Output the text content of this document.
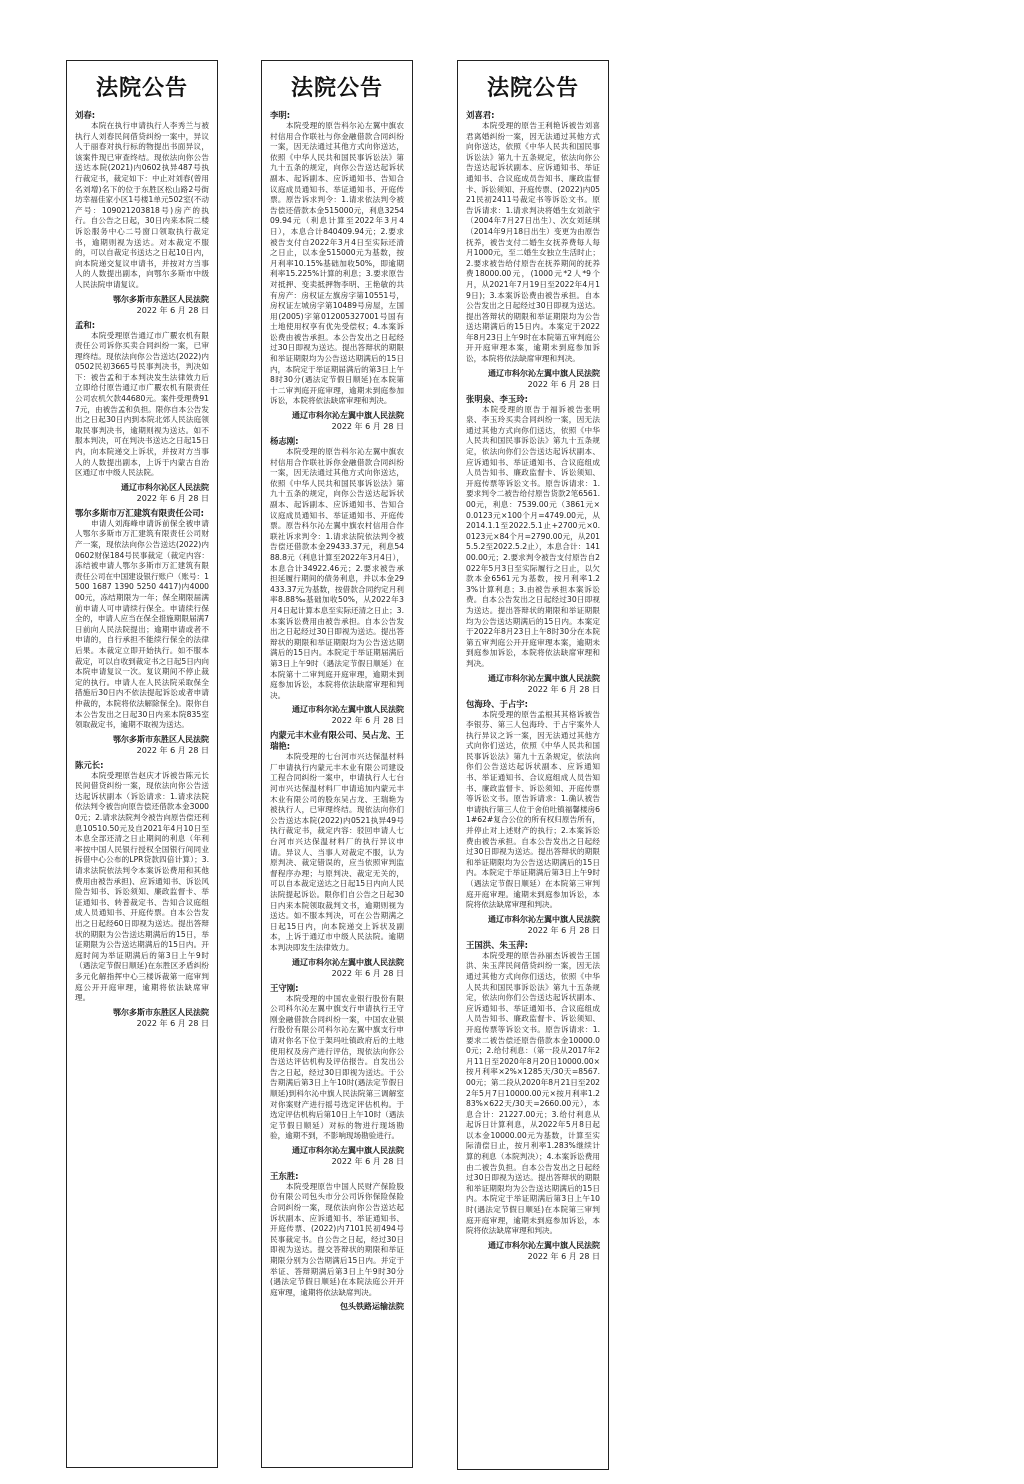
法院公告

刘春:

本院在执行申请执行人李秀兰与被执行人刘春民间借贷纠纷一案中，异议人于丽春对执行标的物提出书面异议，该案件现已审查终结。现依法向你公告送达本院(2021)内0602执异487号执行裁定书，裁定如下：中止对刘春(曾用名刘增)名下的位于东胜区松山路2号街坊幸福佳家小区1号楼1单元502室(不动产号：109021203818号)房产的执行。自公告之日起，30日内来本院二楼诉讼服务中心二号窗口领取执行裁定书，逾期则视为送达。对本裁定不服的，可以自裁定书送达之日起10日内，向本院递交复议申请书，并按对方当事人的人数提出副本，向鄂尔多斯市中级人民法院申请复议。

鄂尔多斯市东胜区人民法院

2022 年 6 月 28 日

孟和:

本院受理原告通辽市广覈农机有限责任公司诉你买卖合同纠纷一案，已审理终结。现依法向你公告送达(2022)内0502民初3665号民事判决书，判决如下：被告孟和于本判决发生法律效力后立即给付原告通辽市广覈农机有限责任公司农机欠款44680元。案件受理费917元，由被告孟和负担。限你自本公告发出之日起30日内到本院北郊人民法庭领取民事判决书，逾期则视为送达。如不服本判决，可在判决书送达之日起15日内，向本院递交上诉状，并按对方当事人的人数提出副本，上诉于内蒙古自治区通辽市中级人民法院。

通辽市科尔沁区人民法院

2022 年 6 月 28 日

鄂尔多斯市万汇建筑有限责任公司:

申请人刘海峰申请诉前保全被申请人鄂尔多斯市万汇建筑有限责任公司财产一案，现依法向你公告送达(2022)内0602财保184号民事裁定（裁定内容：冻结被申请人鄂尔多斯市万汇建筑有限责任公司在中国建设银行账户（账号：1500 1687 1390 5250 4417)内400000元，冻结期限为一年；保全期限届满前申请人可申请续行保全。申请续行保全的，申请人应当在保全措施期限届满7日前向人民法院提出；逾期申请或者不申请的，自行承担不能续行保全的法律后果。本裁定立即开始执行。如不服本裁定，可以自收到裁定书之日起5日内向本院申请复议一次。复议期间不停止裁定的执行。申请人在人民法院采取保全措施后30日内不依法提起诉讼或者申请仲裁的，本院将依法解除保全)。限你自本公告发出之日起30日内来本院835室领取裁定书，逾期不取视为送达。

鄂尔多斯市东胜区人民法院

2022 年 6 月 28 日

陈元长:

本院受理原告赵庆才诉被告陈元长民间借贷纠纷一案，现依法向你公告送达起诉状副本（诉讼请求：1.请求法院依法判令被告向原告偿还借款本金30000元；2.请求法院判令被告向原告偿还利息10510.50元及自2021年4月10日至本息全部还清之日止期间的利息（年利率按中国人民银行授权全国银行间同业拆借中心公布的LPR贷款四倍计算）；3.请求法院依法判令本案诉讼费用和其他费用由被告承担)、应诉通知书、诉讼风险告知书、诉讼须知、廉政监督卡、举证通知书、转普裁定书、告知合议庭组成人员通知书、开庭传票。自本公告发出之日起经60日即视为送达。提出答辩状的期限为公告送达期满后的15日，举证期限为公告送达期满后的15日内。开庭时间为举证期满后的第3日上午9时（遇法定节假日顺延)在东胜区矛盾纠纷多元化解指挥中心三楼诉裁第一庭审判庭公开开庭审理，逾期将依法缺席审理。

鄂尔多斯市东胜区人民法院

2022 年 6 月 28 日

法院公告

李明:

本院受理的原告科尔沁左翼中旗农村信用合作联社与你金融借款合同纠纷一案，因无法通过其他方式向你送达，依照《中华人民共和国民事诉讼法》第九十五条的规定，向你公告送达起诉状副本、起诉副本、应诉通知书、告知合议庭成员通知书、举证通知书、开庭传票。原告诉求判令：1.请求依法判令被告偿还借款本金515000元，利息325409.94元（利息计算至2022年3月4日），本息合计840409.94元；2.要求被告支付自2022年3月4日至实际还清之日止，以本金515000元为基数，按月利率10.15%基础加收50%，即逾期利率15.225%计算的利息；3.要求原告对抵押、变卖抵押物李明、王艳敏的共有房产：房权证左旗房字第10551号，房权证左城房字第10489号房屋，左国用(2005)字第012005327001号国有土地使用权享有优先受偿权；4.本案诉讼费由被告承担。本公告发出之日起经过30日即视为送达。提出答辩状的期限和举证期限均为公告送达期满后的15日内，本院定于举证期届满后的第3日上午8时30分(遇法定节假日顺延)在本院第十二审判庭开庭审理，逾期未到庭参加诉讼，本院将依法缺席审理和判决。

通辽市科尔沁左翼中旗人民法院

2022 年 6 月 28 日

杨志刚:

本院受理的原告科尔沁左翼中旗农村信用合作联社诉你金融借款合同纠纷一案，因无法通过其他方式向你送达，依照《中华人民共和国民事诉讼法》第九十五条的规定，向你公告送达起诉状副本、起诉副本、应诉通知书、告知合议庭成员通知书、举证通知书、开庭传票。原告科尔沁左翼中旗农村信用合作联社诉求判令：1.请求法院依法判令被告偿还借款本金29433.37元，利息5488.8元（利息计算至2022年3月4日），本息合计34922.46元；2.要求被告承担延履行期间的债务利息，并以本金29433.37元为基数，按借款合同约定月利率8.88‰基础加收50%，从2022年3月4日起计算本息至实际还清之日止；3.本案诉讼费用由被告承担。自本公告发出之日起经过30日即视为送达。提出答辩状的期限和举证期限均为公告送达期满后的15日内。本院定于举证期届满后第3日上午9时（遇法定节假日顺延）在本院第十二审判庭开庭审理，逾期未到庭参加诉讼，本院将依法缺席审理和判决。

通辽市科尔沁左翼中旗人民法院

2022 年 6 月 28 日

内蒙元丰木业有限公司、吴占龙、王瑞艳:

本院受理的七台河市兴达保温材料厂申请执行内蒙元丰木业有限公司建设工程合同纠纷一案中，申请执行人七台河市兴达保温材料厂申请追加内蒙元丰木业有限公司的股东吴占龙、王瑞艳为被执行人，已审理终结。现依法向你们公告送达本院(2022)内0521执异49号执行裁定书，裁定内容：驳回申请人七台河市兴达保温材料厂的执行异议申请。异议人、当事人对裁定不服，认为原判决、裁定错误的，应当依照审判监督程序办理；与原判决、裁定无关的，可以自本裁定送达之日起15日内向人民法院提起诉讼。限你们自公告之日起30日内来本院领取裁判文书，逾期则视为送达。如不服本判决，可在公告期满之日起15日内，向本院递交上诉状及副本，上诉于通辽市中级人民法院。逾期本判决即发生法律效力。

通辽市科尔沁左翼中旗人民法院

2022 年 6 月 28 日

王守刚:

本院受理的中国农业银行股份有限公司科尔沁左翼中旗支行申请执行王守刚金融借款合同纠纷一案，中国农业银行股份有限公司科尔沁左翼中旗支行申请对你名下位于架玛吐镇政府后的土地使用权及房产进行评估，现依法向你公告送达评估机构及评估报告。自发出公告之日起，经过30日即视为送达。于公告期满后第3日上午10时(遇法定节假日顺延)到科尔沁中旗人民法院第三调解室对你案财产进行摇号选定评估机构。于选定评估机构后第10日上午10时（遇法定节假日顺延）对标的物进行现场勘验，逾期不到，不影响现场勘验进行。

通辽市科尔沁左翼中旗人民法院

2022 年 6 月 28 日

王东胜:

本院受理原告中国人民财产保险股份有限公司包头市分公司诉你保险保险合同纠纷一案，现依法向你公告送达起诉状副本、应诉通知书、举证通知书、开庭传票、(2022)内7101民初494号民事裁定书。自公告之日起，经过30日即视为送达。提交答辩状的期限和举证期限分别为公告期满后15日内。并定于举证、答辩期满后第3日上午9时30分(遇法定节假日顺延)在本院法庭公开开庭审理，逾期将依法缺席判决。

包头铁路运输法院

法院公告

刘喜君:

本院受理的原告王利艳诉被告刘喜君离婚纠纷一案，因无法通过其他方式向你送达，依照《中华人民共和国民事诉讼法》第九十五条规定，依法向你公告送达起诉状副本、应诉通知书、举证通知书、合议庭成员告知书、廉政监督卡、诉讼须知、开庭传票、(2022)内0521民初2411号裁定书等诉讼文书。原告诉请求：1.请求判决将婚生女刘歆宇（2004年7月27日出生）、次女刘延琪（2014年9月18日出生）变更为由原告抚养，被告支付二婚生女抚养费每人每月1000元，至二婚生女独立生活时止；2.要求被告给付原告在抚养期间的抚养费18000.00元，(1000元*2人*9个月，从2021年7月19日至2022年4月19日)；3.本案诉讼费由被告承担。自本公告发出之日起经过30日即视为送达。提出答辩状的期限和举证期限均为公告送达期满后的15日内。本案定于2022年8月23日上午9时在本院第五审判庭公开开庭审理本案，逾期未到庭参加诉讼，本院将依法缺席审理和判决。

通辽市科尔沁左翼中旗人民法院

2022 年 6 月 28 日

张明泉、李玉玲:

本院受理的原告于福诉被告张明泉、李玉玲买卖合同纠纷一案，因无法通过其他方式向你们送达，依照《中华人民共和国民事诉讼法》第九十五条规定，依法向你们公告送达起诉状副本、应诉通知书、举证通知书、合议庭组成人员告知书、廉政监督卡、诉讼须知、开庭传票等诉讼文书。原告诉请求：1.要求判令二被告给付原告货款2笔6561.00元，利息：7539.00元（3861元×0.0123元×100个月=4749.00元，从2014.1.1至2022.5.1止+2700元×0.0123元×84个月=2790.00元，从2015.5.2至2022.5.2止），本息合计：14100.00元；2.要求判令被告支付原告自2022年5月3日至实际履行之日止，以欠款本金6561元为基数，按月利率1.23%计算利息；3.由被告承担本案诉讼费。自本公告发出之日起经过30日即视为送达。提出答辩状的期限和举证期限均为公告送达期满后的15日内。本案定于2022年8月23日上午8时30分在本院第五审判庭公开开庭审理本案，逾期未到庭参加诉讼，本院将依法缺席审理和判决。

通辽市科尔沁左翼中旗人民法院

2022 年 6 月 28 日

包海玲、于占宇:

本院受理的原告孟根其其格诉被告李银芬、第三人包海玲、于占宇案外人执行异议之诉一案，因无法通过其他方式向你们送达，依照《中华人民共和国民事诉讼法》第九十五条规定，依法向你们公告送达起诉状副本、应诉通知书、举证通知书、合议庭组成人员告知书、廉政监督卡、诉讼须知、开庭传票等诉讼文书。原告诉请求：1.确认被告申请执行第三人位于舍伯吐镇福馨楼房61#62#复合公位的所有权归原告所有，并停止对上述财产的执行；2.本案诉讼费由被告承担。自本公告发出之日起经过30日即视为送达。提出答辩状的期限和举证期限均为公告送达期满后的15日内。本院定于举证期满后第3日上午9时（遇法定节假日顺延）在本院第三审判庭开庭审理。逾期未到庭参加诉讼，本院将依法缺席审理和判决。

通辽市科尔沁左翼中旗人民法院

2022 年 6 月 28 日

王国洪、朱玉萍:

本院受理的原告孙丽杰诉被告王国洪、朱玉萍民间借贷纠纷一案，因无法通过其他方式向你们送达，依照《中华人民共和国民事诉讼法》第九十五条规定，依法向你们公告送达起诉状副本、应诉通知书、举证通知书、合议庭组成人员告知书、廉政监督卡、诉讼须知、开庭传票等诉讼文书。原告诉请求：1.要求二被告偿还原告借款本金10000.00元；2.给付利息：（第一段从2017年2月11日至2020年8月20日10000.00×按月利率×2%×1285天/30天=8567.00元；第二段从2020年8月21日至2022年5月7日10000.00元×按月利率1.283%×622天/30天=2660.00元），本息合计：21227.00元；3.给付利息从起诉日计算利息，从2022年5月8日起以本金10000.00元为基数，计算至实际清偿日止，按月利率1.283%继续计算的利息（本院判决）；4.本案诉讼费用由二被告负担。自本公告发出之日起经过30日即视为送达。提出答辩状的期限和举证期限均为公告送达期满后的15日内。本院定于举证期满后第3日上午10时(遇法定节假日顺延)在本院第三审判庭开庭审理，逾期未到庭参加诉讼，本院将依法缺席审理和判决。

通辽市科尔沁左翼中旗人民法院

2022 年 6 月 28 日
